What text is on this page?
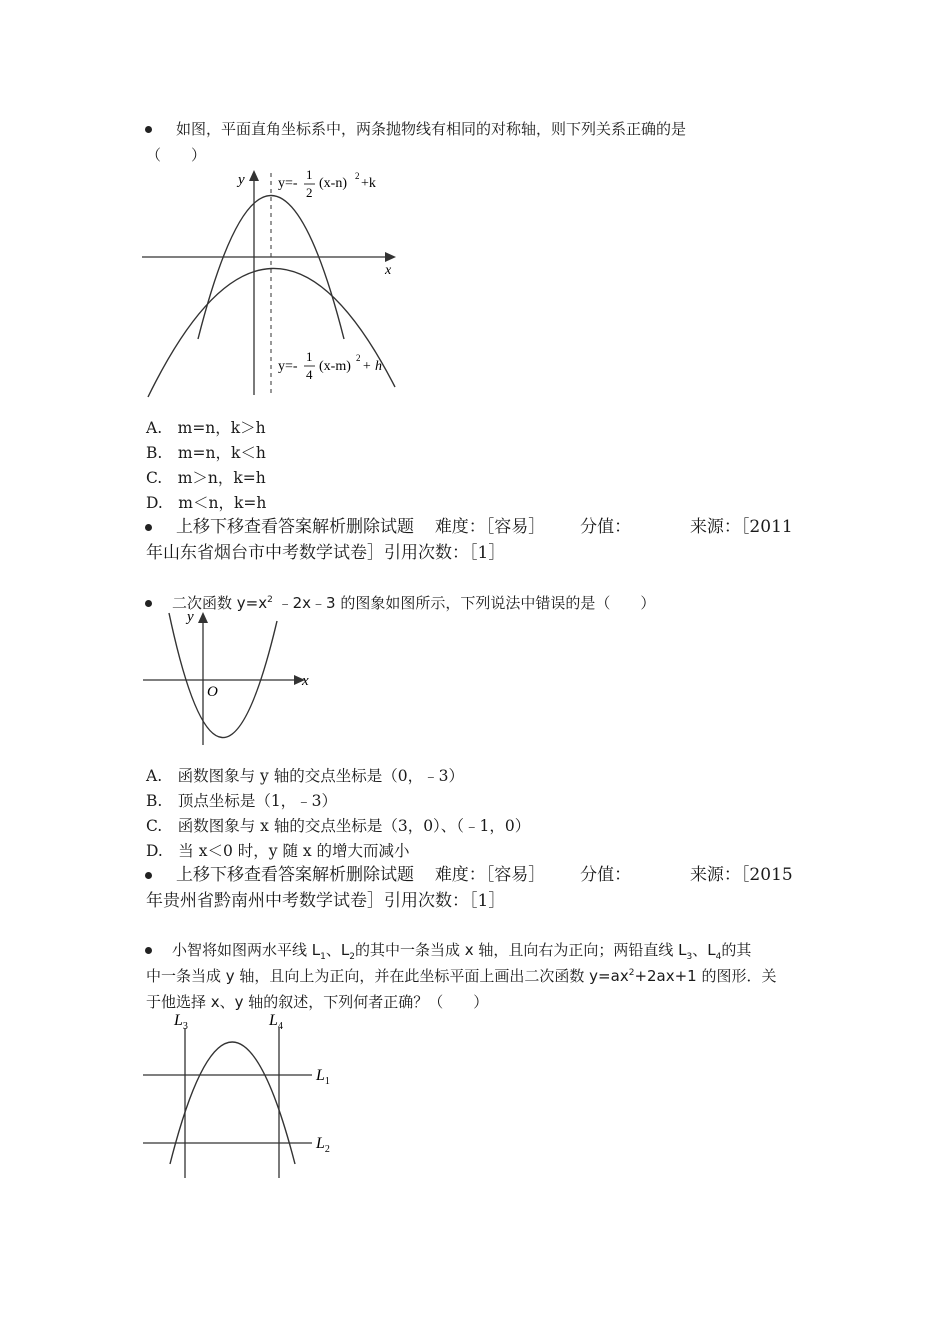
如图，平面直角坐标系中，两条抛物线有相同的对称轴，则下列关系正确的是
（　　）
y
x
y=-
1
2
(x-n) 2 +k
y=-
1
4
(x-m)
2
+ h
A.　m=n，k＞h
B.　m=n，k＜h
C.　m＞n，k=h
D.　m＜n，k=h
上移下移查看答案解析删除试题 难度：［容易］ 分值：	来源：［2011
年山东省烟台市中考数学试卷］引用次数：［1］
二次函数 $y=x^2$ ﹣2x﹣3 的图象如图所示，下列说法中错误的是（　　）
y
x
O
A.　函数图象与 y 轴的交点坐标是（0，﹣3）
B.　顶点坐标是（1，﹣3）
C.　函数图象与 x 轴的交点坐标是（3，0）、（﹣1，0）
D.　当 x＜0 时，y 随 x 的增大而减小
上移下移查看答案解析删除试题 难度：［容易］ 分值：	来源：［2015
年贵州省黔南州中考数学试卷］引用次数：［1］
小智将如图两水平线 $L_1$、$L_2$的其中一条当成 x 轴，且向右为正向；两铅直线 $L_3$、$L_4$的其
中一条当成 y 轴，且向上为正向，并在此坐标平面上画出二次函数 $y=ax^2+2ax+1$ 的图形．关
于他选择 x、y 轴的叙述，下列何者正确？（　　）
$L_3$	$L_4$
$L_1$
$L_2$
